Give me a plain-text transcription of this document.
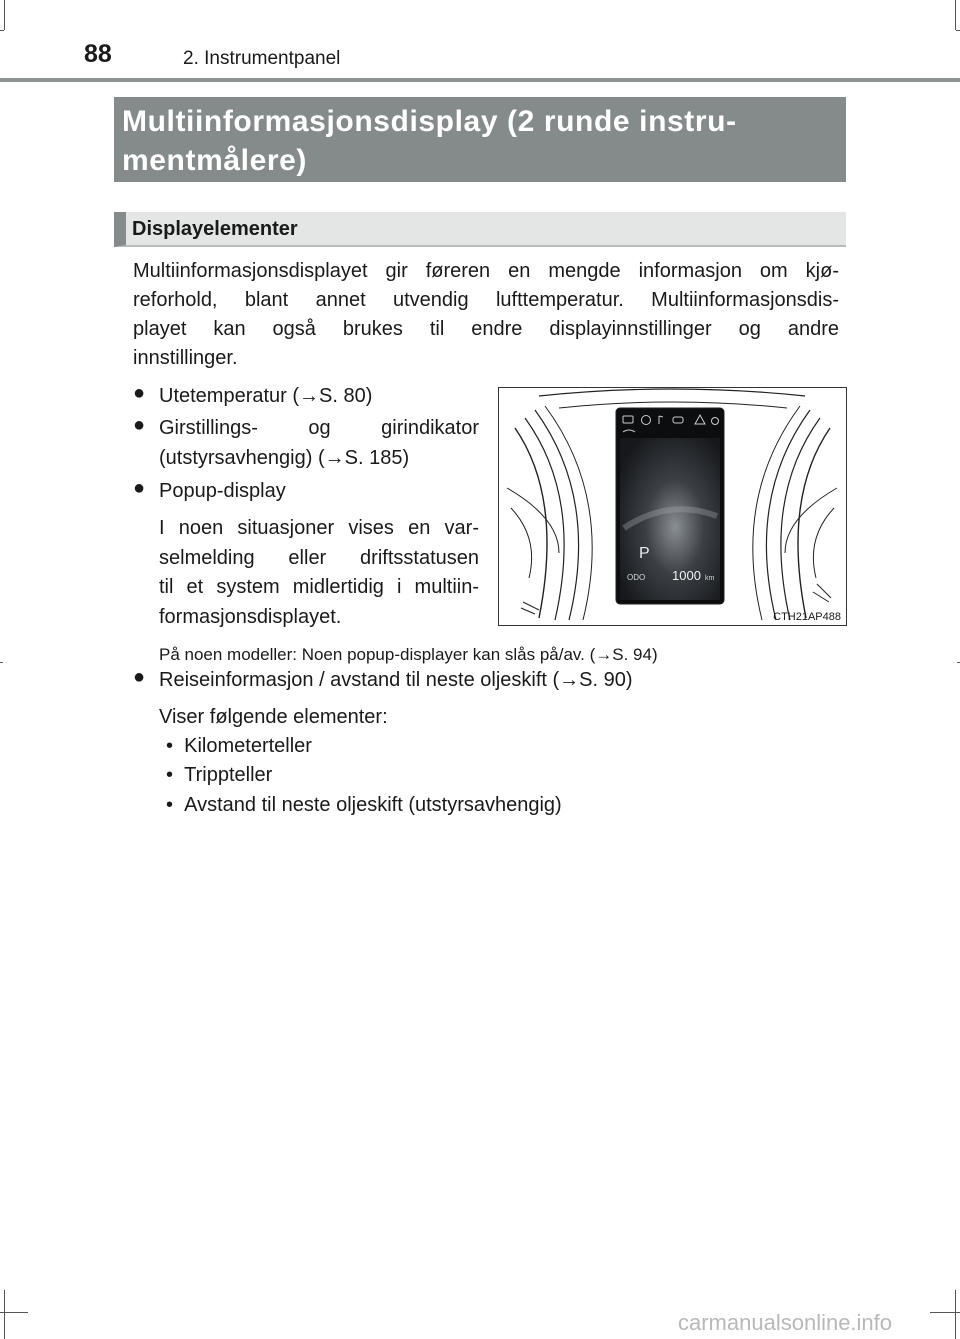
88	2. Instrumentpanel
Multiinformasjonsdisplay (2 runde instru-
mentmålere)
Displayelementer
Multiinformasjonsdisplayet gir føreren en mengde informasjon om kjø-
reforhold, blant annet utvendig lufttemperatur. Multiinformasjonsdis-
playet kan også brukes til endre displayinnstillinger og andre
innstillinger.
● Utetemperatur (→S. 80)
● Girstillings- og girindikator
(utstyrsavhengig) (→S. 185)
● Popup-display
I noen situasjoner vises en var-
selmelding eller driftsstatusen
til et system midlertidig i multiin-
formasjonsdisplayet.
På noen modeller: Noen popup-displayer kan slås på/av. (→S. 94)
● Reiseinformasjon / avstand til neste oljeskift (→S. 90)
Viser følgende elementer:
•  Kilometerteller
•  Trippteller
•  Avstand til neste oljeskift (utstyrsavhengig)
P
ODO 1000 km
CTH21AP488
carmanualsonline.info
